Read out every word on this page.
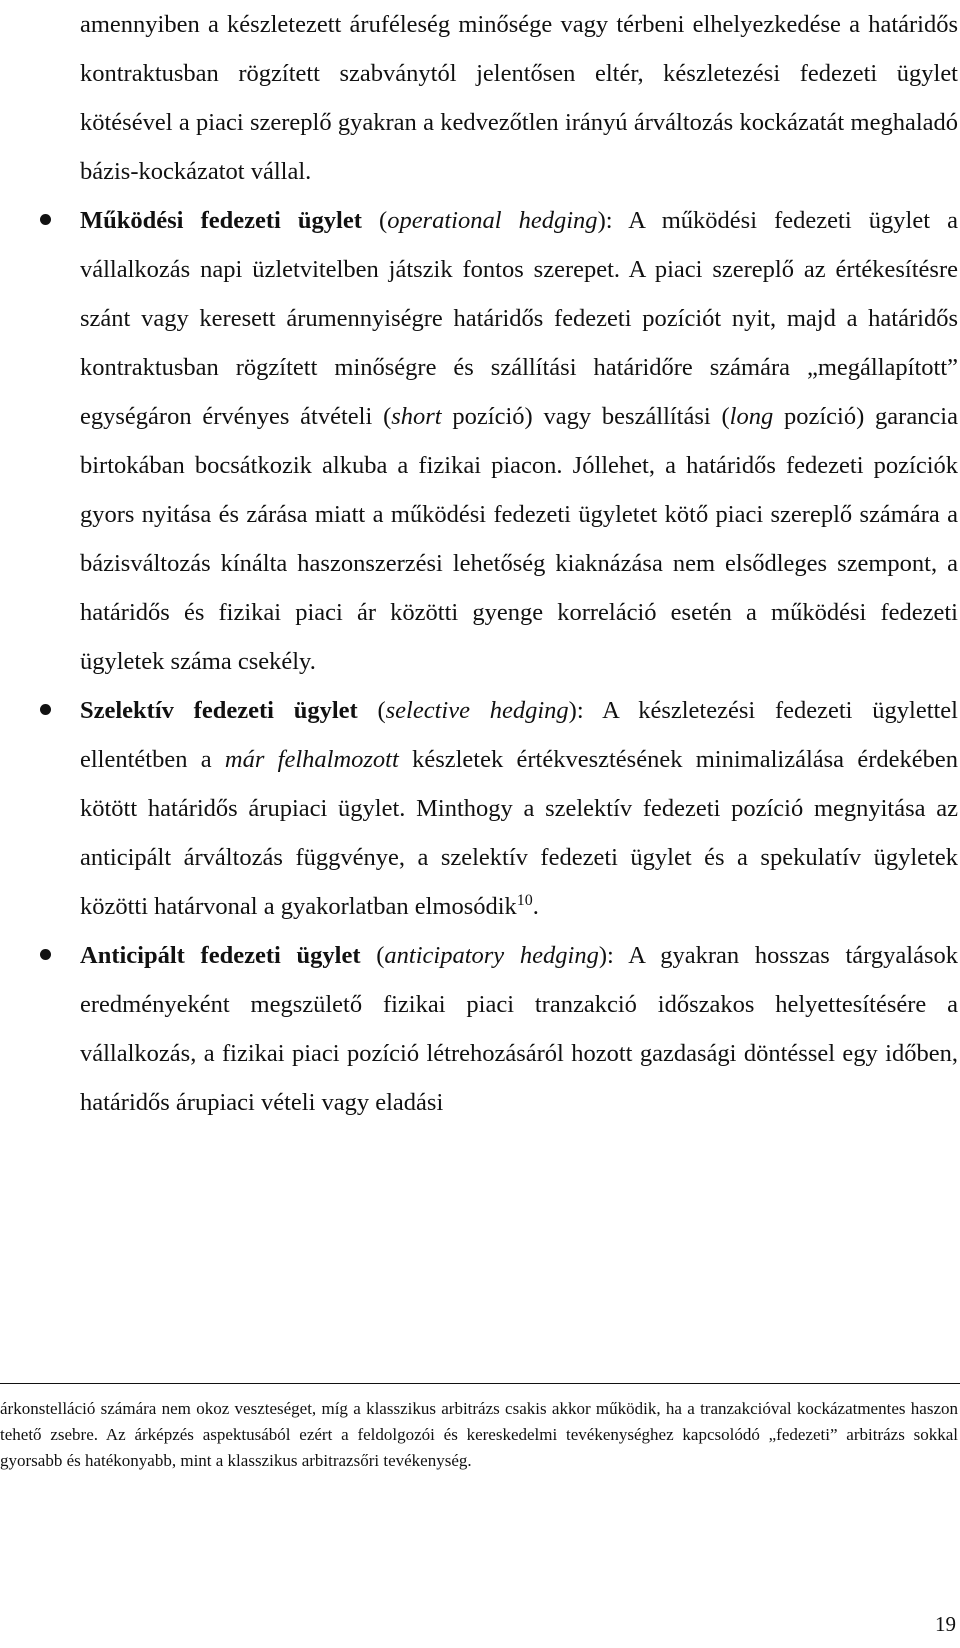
amennyiben a készletezett áruféleség minősége vagy térbeni elhelyezkedése a határidős kontraktusban rögzített szabványtól jelentősen eltér, készletezési fedezeti ügylet kötésével a piaci szereplő gyakran a kedvezőtlen irányú árváltozás kockázatát meghaladó bázis-kockázatot vállal.

Működési fedezeti ügylet (operational hedging): A működési fedezeti ügylet a vállalkozás napi üzletvitelben játszik fontos szerepet. A piaci szereplő az értékesítésre szánt vagy keresett árumennyiségre határidős fedezeti pozíciót nyit, majd a határidős kontraktusban rögzített minőségre és szállítási határidőre számára „megállapított” egységáron érvényes átvételi (short pozíció) vagy beszállítási (long pozíció) garancia birtokában bocsátkozik alkuba a fizikai piacon. Jóllehet, a határidős fedezeti pozíciók gyors nyitása és zárása miatt a működési fedezeti ügyletet kötő piaci szereplő számára a bázisváltozás kínálta haszonszerzési lehetőség kiaknázása nem elsődleges szempont, a határidős és fizikai piaci ár közötti gyenge korreláció esetén a működési fedezeti ügyletek száma csekély.

Szelektív fedezeti ügylet (selective hedging): A készletezési fedezeti ügylettel ellentétben a már felhalmozott készletek értékvesztésének minimalizálása érdekében kötött határidős árupiaci ügylet. Minthogy a szelektív fedezeti pozíció megnyitása az anticipált árváltozás függvénye, a szelektív fedezeti ügylet és a spekulatív ügyletek közötti határvonal a gyakorlatban elmosódik$^{10}$.

Anticipált fedezeti ügylet (anticipatory hedging): A gyakran hosszas tárgyalások eredményeként megszülető fizikai piaci tranzakció időszakos helyettesítésére a vállalkozás, a fizikai piaci pozíció létrehozásáról hozott gazdasági döntéssel egy időben, határidős árupiaci vételi vagy eladási

árkonstelláció számára nem okoz veszteséget, míg a klasszikus arbitrázs csakis akkor működik, ha a tranzakcióval kockázatmentes haszon tehető zsebre. Az árképzés aspektusából ezért a feldolgozói és kereskedelmi tevékenységhez kapcsolódó „fedezeti” arbitrázs sokkal gyorsabb és hatékonyabb, mint a klasszikus arbitrazsőri tevékenység.

19
